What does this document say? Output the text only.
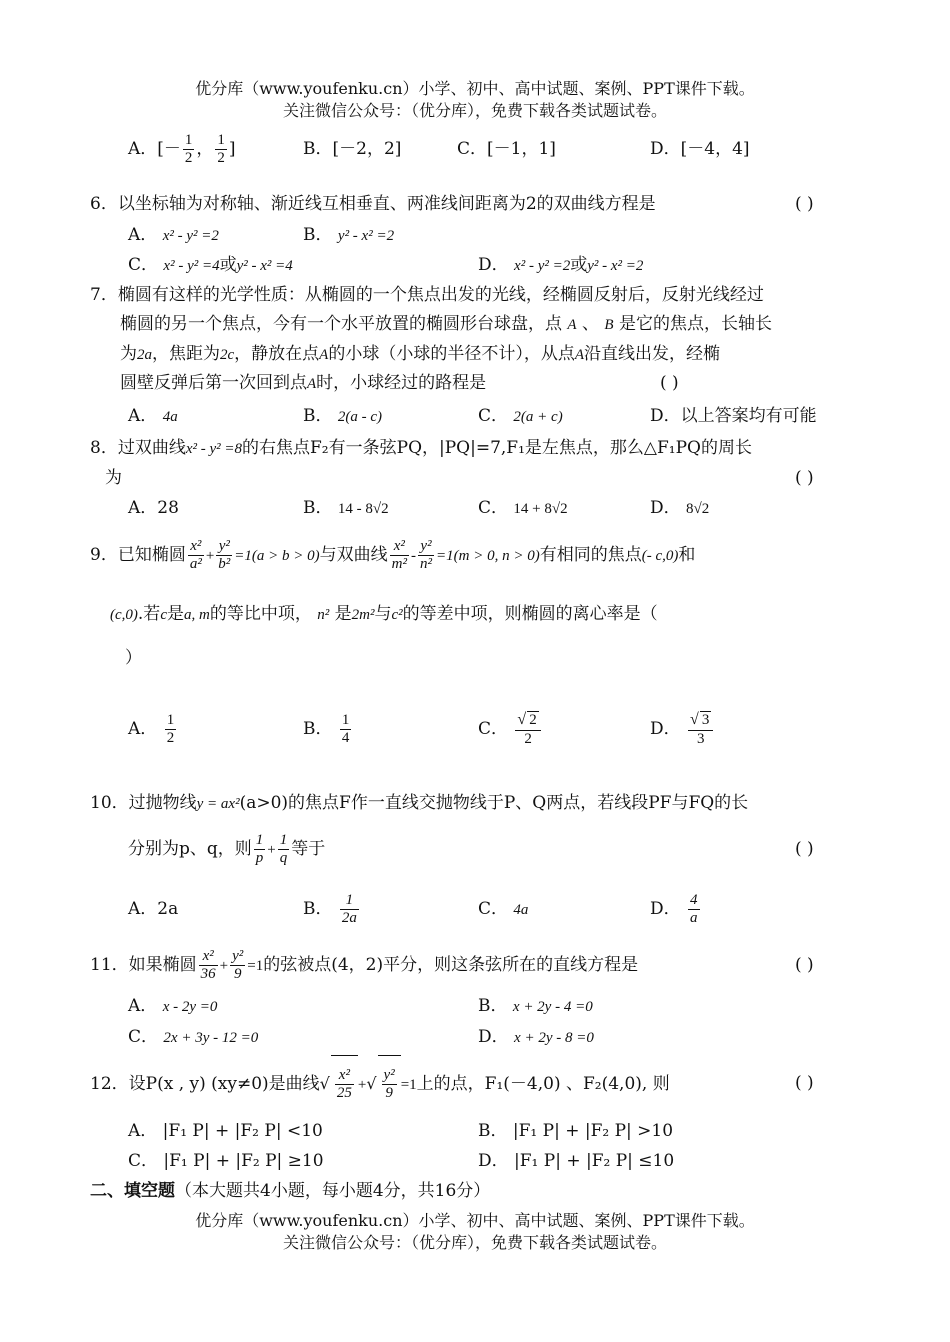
优分库（www.youfenku.cn）小学、初中、高中试题、案例、PPT课件下载。
关注微信公众号：（优分库），免费下载各类试题试卷。
A．[－ $\frac{1}{2}$ ， $\frac{1}{2}$ ]	B．[－2，2]	C．[－1，1]	D．[－4，4]
6．以坐标轴为对称轴、渐近线互相垂直、两准线间距离为2的双曲线方程是	( )
A． x² - y² =2	B． y² - x² =2
C． x² - y² =4或y² - x² =4	D． x² - y² =2或y² - x² =2
7．椭圆有这样的光学性质：从椭圆的一个焦点出发的光线，经椭圆反射后，反射光线经过
椭圆的另一个焦点，今有一个水平放置的椭圆形台球盘，点 A 、 B 是它的焦点，长轴长
为2a，焦距为2c，静放在点A的小球（小球的半径不计），从点A沿直线出发，经椭
圆壁反弹后第一次回到点A时，小球经过的路程是	( )
A． 4a	B． 2(a - c)	C． 2(a + c)	D．以上答案均有可能
8．过双曲线x² - y² =8的右焦点F₂有一条弦PQ，|PQ|=7,F₁是左焦点，那么△F₁PQ的周长
为	( )
A．28	B． 14 - 8√2	C． 14 + 8√2	D． 8√2
9．已知椭圆 $\frac{\text{x²}}{\text{a²}} + \frac{\text{y²}}{\text{b²}} =1(a > b > 0)$与双曲线 $\frac{\text{x²}}{\text{m²}} - \frac{\text{y²}}{\text{n²}} =1(m > 0$, n > 0)有相同的焦点(- c,0)和
(c,0).若c是a, m的等比中项， n² 是2m²与c²的等差中项，则椭圆的离心率是（
）
A． $\frac{1}{2}$	B． $\frac{1}{4}$	C． $\frac{√ 2}{2}$	D． $\frac{√ 3}{3}$
10．过抛物线y = ax²(a>0)的焦点F作一直线交抛物线于P、Q两点，若线段PF与FQ的长
分别为p、q，则 $\frac{1}{p} + \frac{1}{q}$ 等于	( )
A．2a	B． $\frac{1}{2a}$	C． 4a	D． $\frac{4}{a}$
11．如果椭圆 $\frac{\text{x²}}{36} + \frac{\text{y²}}{9} =1$的弦被点(4，2)平分，则这条弦所在的直线方程是	( )
A． x - 2y =0	B． x + 2y - 4 =0
C． 2x + 3y - 12 =0	D． x + 2y - 8 =0
12．设P(x , y) (xy≠0)是曲线√ $\frac{\text{x²}}{25}$ +√ $\frac{\text{y²}}{9} =1$上的点，F₁(－4,0) 、F₂(4,0), 则	( )
A． |F₁ P| + |F₂ P| <10	B． |F₁ P| + |F₂ P| >10
C． |F₁ P| + |F₂ P| ≥10	D． |F₁ P| + |F₂ P| ≤10
二、填空题（本大题共4小题，每小题4分，共16分）
优分库（www.youfenku.cn）小学、初中、高中试题、案例、PPT课件下载。
关注微信公众号：（优分库），免费下载各类试题试卷。
